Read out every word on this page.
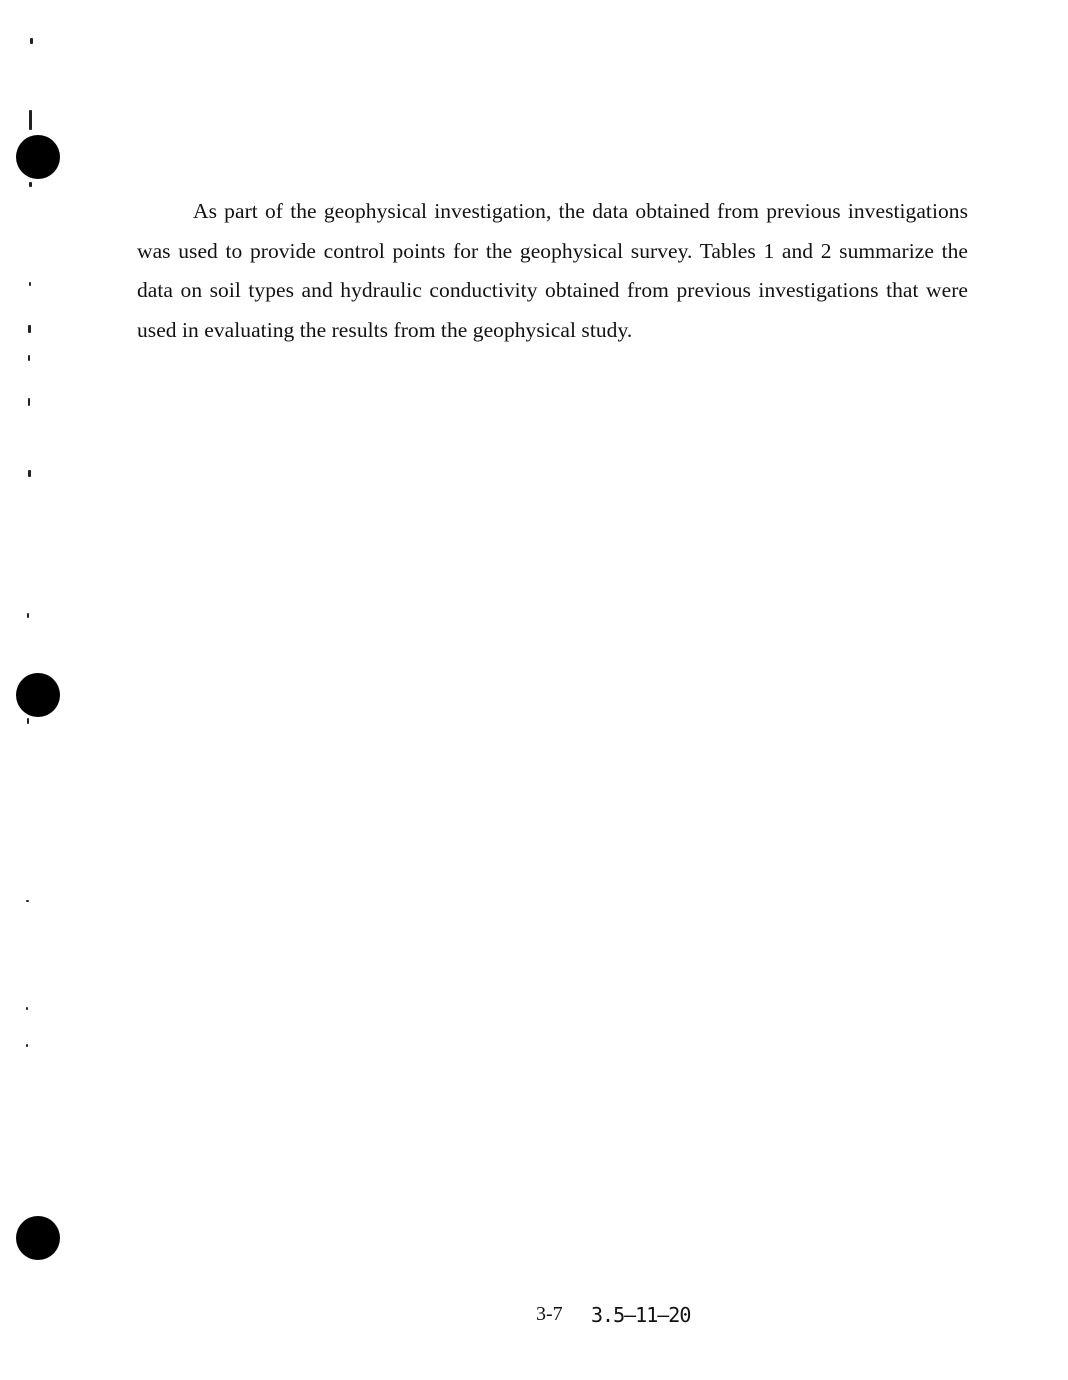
As part of the geophysical investigation, the data obtained from previous investigations was used to provide control points for the geophysical survey. Tables 1 and 2 summarize the data on soil types and hydraulic conductivity obtained from previous investigations that were used in evaluating the results from the geophysical study.

3-7 3.5–11–20
